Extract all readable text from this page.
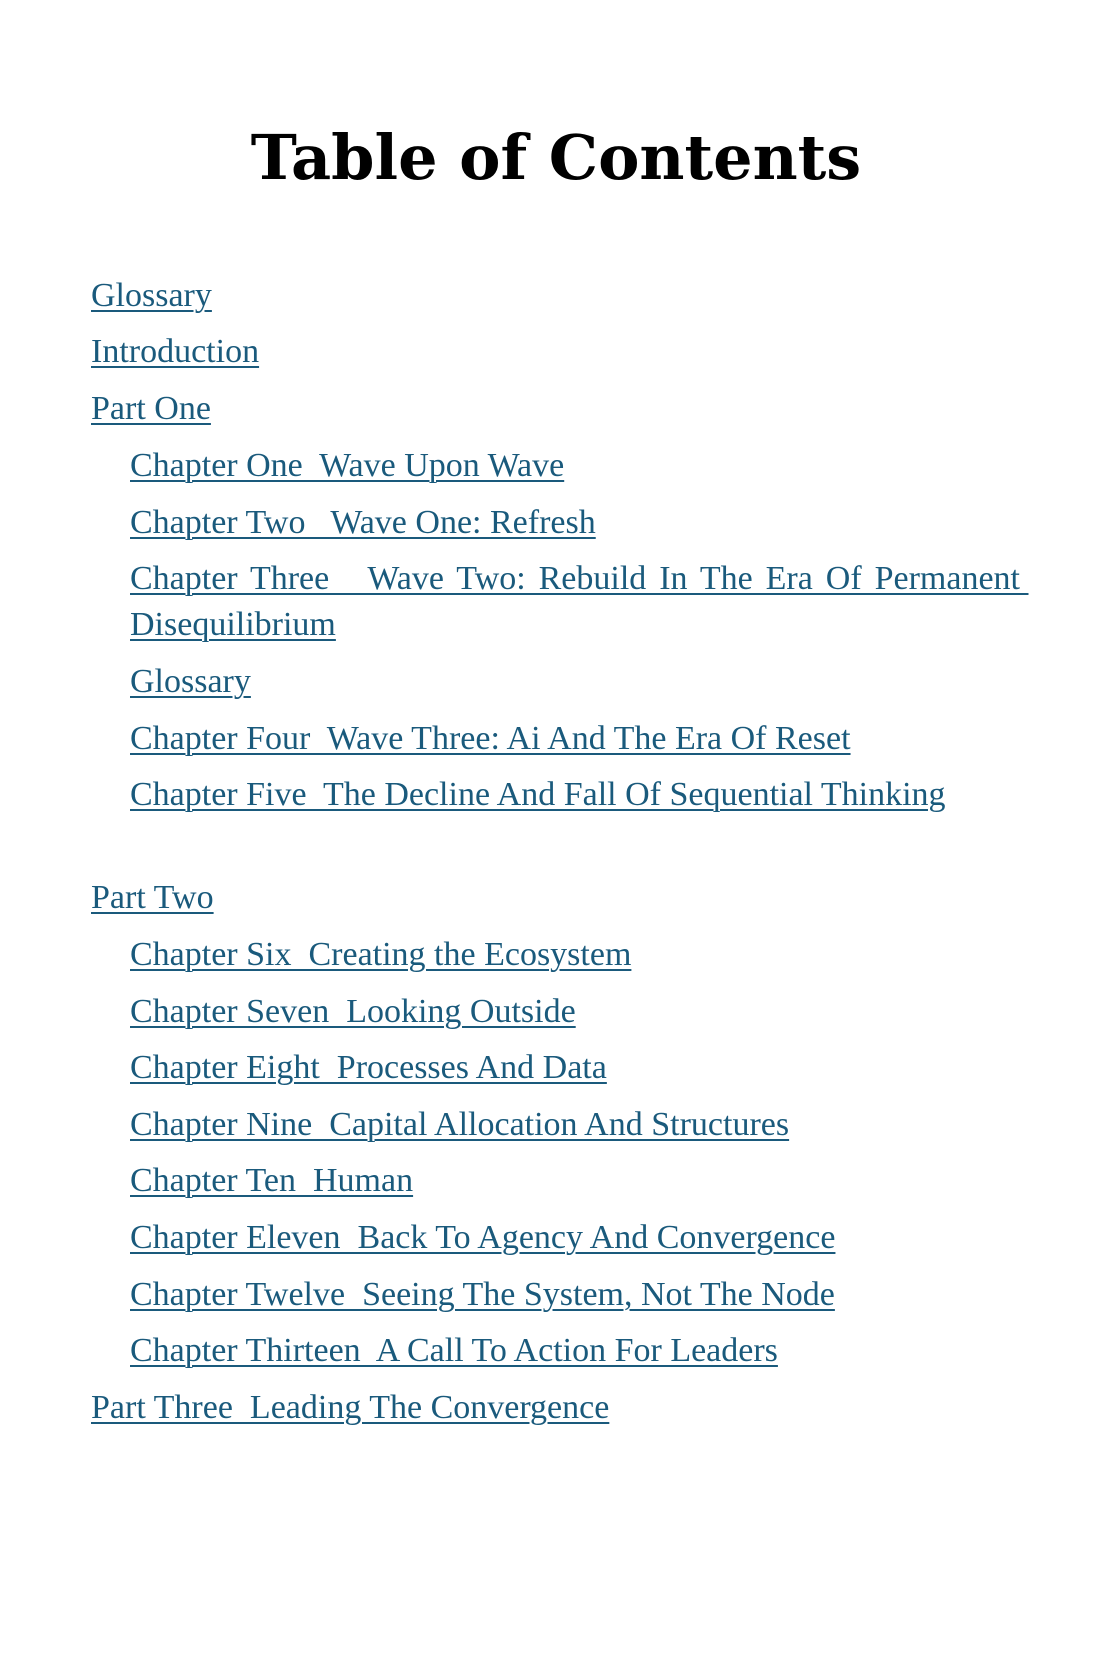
Table of Contents
Glossary
Introduction
Part One
Chapter One  Wave Upon Wave
Chapter Two   Wave One: Refresh
Chapter Three   Wave Two: Rebuild In The Era Of Permanent Disequilibrium
Glossary
Chapter Four  Wave Three: Ai And The Era Of Reset
Chapter Five  The Decline And Fall Of Sequential Thinking
Part Two
Chapter Six  Creating the Ecosystem
Chapter Seven  Looking Outside
Chapter Eight  Processes And Data
Chapter Nine  Capital Allocation And Structures
Chapter Ten  Human
Chapter Eleven  Back To Agency And Convergence
Chapter Twelve  Seeing The System, Not The Node
Chapter Thirteen  A Call To Action For Leaders
Part Three  Leading The Convergence
